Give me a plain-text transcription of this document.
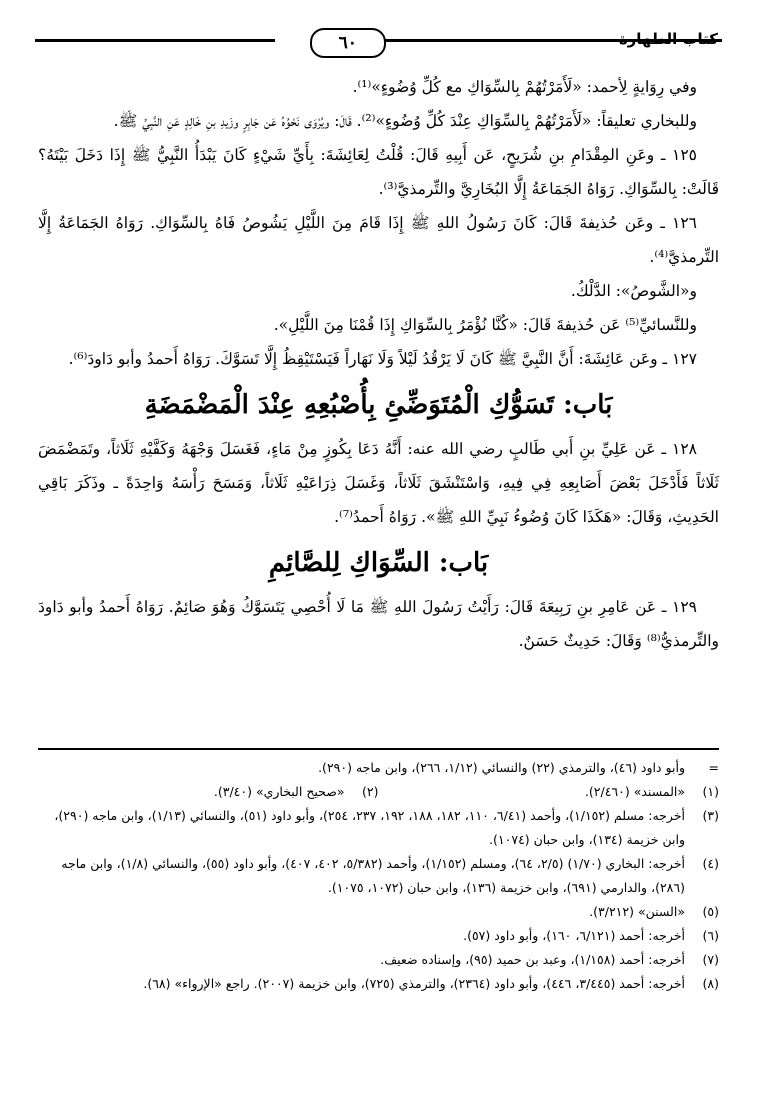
٦٠

وفي رِوَايةٍ لِأحمد: «لَأَمَرْتُهُمْ بِالسِّوَاكِ مع كُلِّ وُضُوءٍ»⁽¹⁾.

وللبخاري تعليقاً: «لَأَمَرْتُهُمْ بِالسِّوَاكِ عِنْدَ كُلِّ وُضُوءٍ»⁽²⁾. قَالَ: ويُرْوَى نَحْوُهُ عَن جَابِرٍ وزَيدِ بنِ خَالِدٍ عَنِ النَّبِيِّ ﷺ.

١٢٥ ـ وعَنِ المِقْدَامِ بنِ شُرَيحٍ، عَن أَبِيهِ قَالَ: قُلْتُ لِعَائِشَةَ: بِأَيِّ شَيْءٍ كَانَ يَبْدَأُ النَّبِيُّ ﷺ إِذَا دَخَلَ بَيْتَهُ؟ قَالَتْ: بِالسِّوَاكِ. رَوَاهُ الجَمَاعَةُ إِلَّا البُخَارِيَّ والتِّرمذيَّ⁽³⁾.

١٢٦ ـ وعَن حُذيفةَ قَالَ: كَانَ رَسُولُ اللهِ ﷺ إِذَا قَامَ مِنَ اللَّيْلِ يَشُوصُ فَاهُ بِالسِّوَاكِ. رَوَاهُ الجَمَاعَةُ إِلَّا التِّرمذيَّ⁽⁴⁾.

و«الشَّوصُ»: الدَّلْكُ.

وللنَّسائيِّ⁽⁵⁾ عَن حُذيفةَ قَالَ: «كُنَّا نُؤْمَرُ بِالسِّوَاكِ إِذَا قُمْنَا مِنَ اللَّيْلِ».

١٢٧ ـ وعَن عَائِشَةَ: أَنَّ النَّبِيَّ ﷺ كَانَ لَا يَرْقُدُ لَيْلاً وَلَا نَهَاراً فَيَسْتَيْقِظُ إِلَّا تَسَوَّكَ. رَوَاهُ أَحمدُ وأبو دَاودَ⁽⁶⁾.

بَاب: تَسَوُّكِ الْمُتَوَضِّئِ بِأُصْبُعِهِ عِنْدَ الْمَضْمَضَةِ

١٢٨ ـ عَن عَلِيِّ بنِ أَبي طَالبٍ رضي الله عنه: أَنَّهُ دَعَا بِكُوزٍ مِنْ مَاءٍ، فَغَسَلَ وَجْهَهُ وَكَفَّيْهِ ثَلَاثاً، وتَمَضْمَضَ ثَلَاثاً فَأَدْخَلَ بَعْضَ أَصَابِعِهِ فِي فِيهِ، وَاسْتَنْشَقَ ثَلَاثاً، وَغَسَلَ ذِرَاعَيْهِ ثَلَاثاً، وَمَسَحَ رَأْسَهُ وَاحِدَةً ـ وذَكَرَ بَاقِي الحَدِيثِ، وَقَالَ: «هَكَذَا كَانَ وُضُوءُ نَبِيِّ اللهِ ﷺ». رَوَاهُ أَحمدُ⁽⁷⁾.

بَاب: السِّوَاكِ لِلصَّائِمِ

١٢٩ ـ عَن عَامِرِ بنِ رَبِيعَةَ قَالَ: رَأَيْتُ رَسُولَ اللهِ ﷺ مَا لَا أُحْصِي يَتَسَوَّكُ وَهُوَ صَائِمٌ. رَوَاهُ أَحمدُ وأبو دَاودَ والتِّرمذيُّ⁽⁸⁾ وَقَالَ: حَدِيثٌ حَسَنٌ.

=
وأبو داود (٤٦)، والترمذي (٢٢) والنسائي (١/١٢، ٢٦٦)، وابن ماجه (٢٩٠).
(١)
«المسند» (٢/٤٦٠).
(٢)
«صحيح البخاري» (٣/٤٠).
(٣)
أخرجه: مسلم (١/١٥٢)، وأحمد (٦/٤١، ١١٠، ١٨٢، ١٨٨، ١٩٢، ٢٣٧، ٢٥٤)، وأبو داود (٥١)، والنسائي (١/١٣)، وابن ماجه (٢٩٠)، وابن خزيمة (١٣٤)، وابن حبان (١٠٧٤).
(٤)
أخرجه: البخاري (١/٧٠) (٢/٥، ٦٤)، ومسلم (١/١٥٢)، وأحمد (٥/٣٨٢، ٤٠٢، ٤٠٧)، وأبو داود (٥٥)، والنسائي (١/٨)، وابن ماجه (٢٨٦)، والدارمي (٦٩١)، وابن خزيمة (١٣٦)، وابن حبان (١٠٧٢، ١٠٧٥).
(٥)
«السنن» (٣/٢١٢).
(٦)
أخرجه: أحمد (٦/١٢١، ١٦٠)، وأبو داود (٥٧).
(٧)
أخرجه: أحمد (١/١٥٨)، وعبد بن حميد (٩٥)، وإسناده ضعيف.
(٨)
أخرجه: أحمد (٣/٤٤٥، ٤٤٦)، وأبو داود (٢٣٦٤)، والترمذي (٧٢٥)، وابن خزيمة (٢٠٠٧). راجع «الإرواء» (٦٨).
